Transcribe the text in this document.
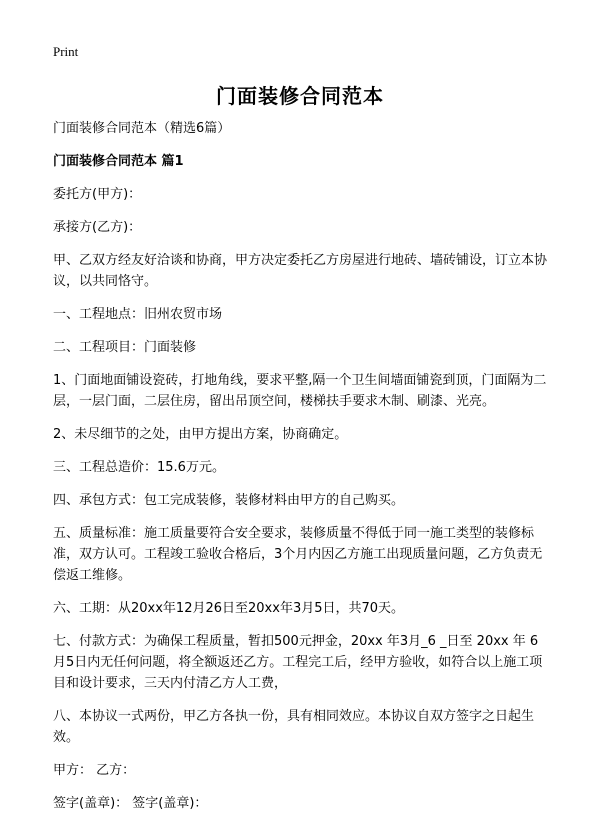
Print
门面装修合同范本

门面装修合同范本（精选6篇）

门面装修合同范本 篇1

委托方(甲方)：

承接方(乙方)：

甲、乙双方经友好洽谈和协商，甲方决定委托乙方房屋进行地砖、墙砖铺设，订立本协议，以共同恪守。

一、工程地点：旧州农贸市场

二、工程项目：门面装修

1、门面地面铺设瓷砖，打地角线，要求平整,隔一个卫生间墙面铺瓷到顶，门面隔为二层，一层门面，二层住房，留出吊顶空间，楼梯扶手要求木制、刷漆、光亮。

2、未尽细节的之处，由甲方提出方案，协商确定。

三、工程总造价：15.6万元。

四、承包方式：包工完成装修，装修材料由甲方的自己购买。

五、质量标准：施工质量要符合安全要求，装修质量不得低于同一施工类型的装修标准，双方认可。工程竣工验收合格后，3个月内因乙方施工出现质量问题，乙方负责无偿返工维修。

六、工期：从20xx年12月26日至20xx年3月5日，共70天。

七、付款方式：为确保工程质量，暂扣500元押金，20xx 年3月_6 _日至 20xx 年 6 月5日内无任何问题，将全额返还乙方。工程完工后，经甲方验收，如符合以上施工项目和设计要求，三天内付清乙方人工费，

八、本协议一式两份，甲乙方各执一份，具有相同效应。本协议自双方签字之日起生效。

甲方： 乙方：

签字(盖章)： 签字(盖章)：
